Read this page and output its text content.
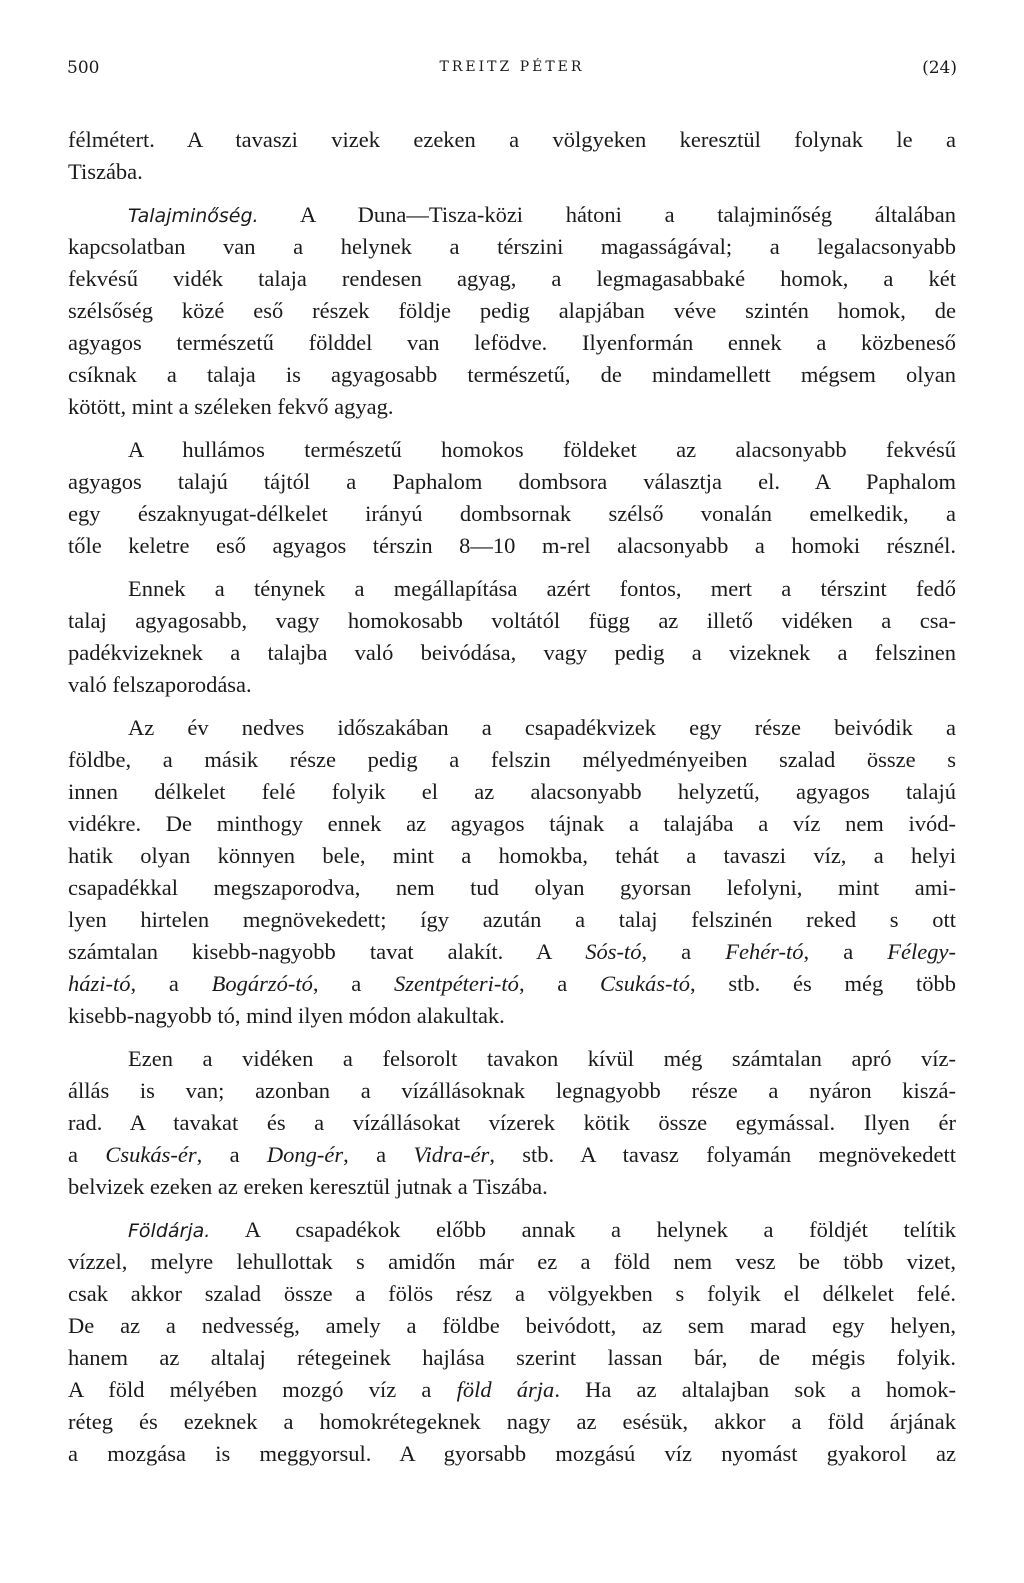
500	TREITZ PÉTER	(24)
félmétert. A tavaszi vizek ezeken a völgyeken keresztül folynak le a
Tiszába.
Talajminőség. A Duna—Tisza-közi hátoni a talajminőség általában
kapcsolatban van a helynek a térszini magasságával; a legalacsonyabb
fekvésű vidék talaja rendesen agyag, a legmagasabbaké homok, a két
szélsőség közé eső részek földje pedig alapjában véve szintén homok, de
agyagos természetű földdel van lefödve. Ilyenformán ennek a közbeneső
csíknak a talaja is agyagosabb természetű, de mindamellett mégsem olyan
kötött, mint a széleken fekvő agyag.
A hullámos természetű homokos földeket az alacsonyabb fekvésű
agyagos talajú tájtól a Paphalom dombsora választja el. A Paphalom
egy északnyugat-délkelet irányú dombsornak szélső vonalán emelkedik, a
tőle keletre eső agyagos térszin 8—10 m-rel alacsonyabb a homoki résznél.
Ennek a ténynek a megállapítása azért fontos, mert a térszint fedő
talaj agyagosabb, vagy homokosabb voltától függ az illető vidéken a csa-
padékvizeknek a talajba való beivódása, vagy pedig a vizeknek a felszinen
való felszaporodása.
Az év nedves időszakában a csapadékvizek egy része beivódik a
földbe, a másik része pedig a felszin mélyedményeiben szalad össze s
innen délkelet felé folyik el az alacsonyabb helyzetű, agyagos talajú
vidékre. De minthogy ennek az agyagos tájnak a talajába a víz nem ivód-
hatik olyan könnyen bele, mint a homokba, tehát a tavaszi víz, a helyi
csapadékkal megszaporodva, nem tud olyan gyorsan lefolyni, mint ami-
lyen hirtelen megnövekedett; így azután a talaj felszinén reked s ott
számtalan kisebb-nagyobb tavat alakít. A Sós-tó, a Fehér-tó, a Félegy-
házi-tó, a Bogárzó-tó, a Szentpéteri-tó, a Csukás-tó, stb. és még több
kisebb-nagyobb tó, mind ilyen módon alakultak.
Ezen a vidéken a felsorolt tavakon kívül még számtalan apró víz-
állás is van; azonban a vízállásoknak legnagyobb része a nyáron kiszá-
rad. A tavakat és a vízállásokat vízerek kötik össze egymással. Ilyen ér
a Csukás-ér, a Dong-ér, a Vidra-ér, stb. A tavasz folyamán megnövekedett
belvizek ezeken az ereken keresztül jutnak a Tiszába.
Földárja. A csapadékok előbb annak a helynek a földjét telítik
vízzel, melyre lehullottak s amidőn már ez a föld nem vesz be több vizet,
csak akkor szalad össze a fölös rész a völgyekben s folyik el délkelet felé.
De az a nedvesség, amely a földbe beivódott, az sem marad egy helyen,
hanem az altalaj rétegeinek hajlása szerint lassan bár, de mégis folyik.
A föld mélyében mozgó víz a föld árja. Ha az altalajban sok a homok-
réteg és ezeknek a homokrétegeknek nagy az esésük, akkor a föld árjának
a mozgása is meggyorsul. A gyorsabb mozgású víz nyomást gyakorol az
